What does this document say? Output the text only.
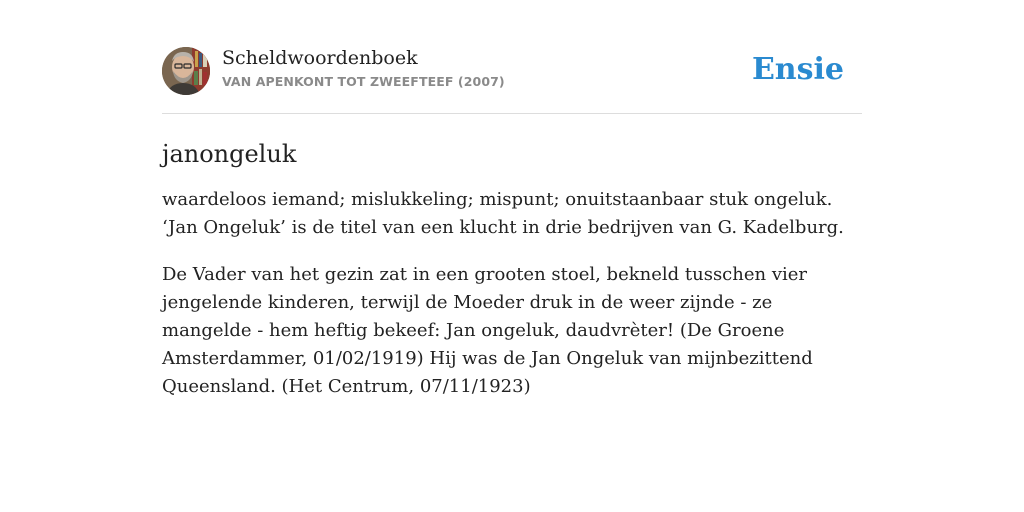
Scheldwoordenboek
VAN APENKONT TOT ZWEEFTEEF (2007)	Ensie
janongeluk

waardeloos iemand; mislukkeling; mispunt; onuitstaanbaar stuk ongeluk. ‘Jan Ongeluk’ is de titel van een klucht in drie bedrijven van G. Kadelburg.

De Vader van het gezin zat in een grooten stoel, bekneld tusschen vier jengelende kinderen, terwijl de Moeder druk in de weer zijnde - ze mangelde - hem heftig bekeef: Jan ongeluk, daudvrèter! (De Groene Amsterdammer, 01/02/1919) Hij was de Jan Ongeluk van mijnbezittend Queensland. (Het Centrum, 07/11/1923)
